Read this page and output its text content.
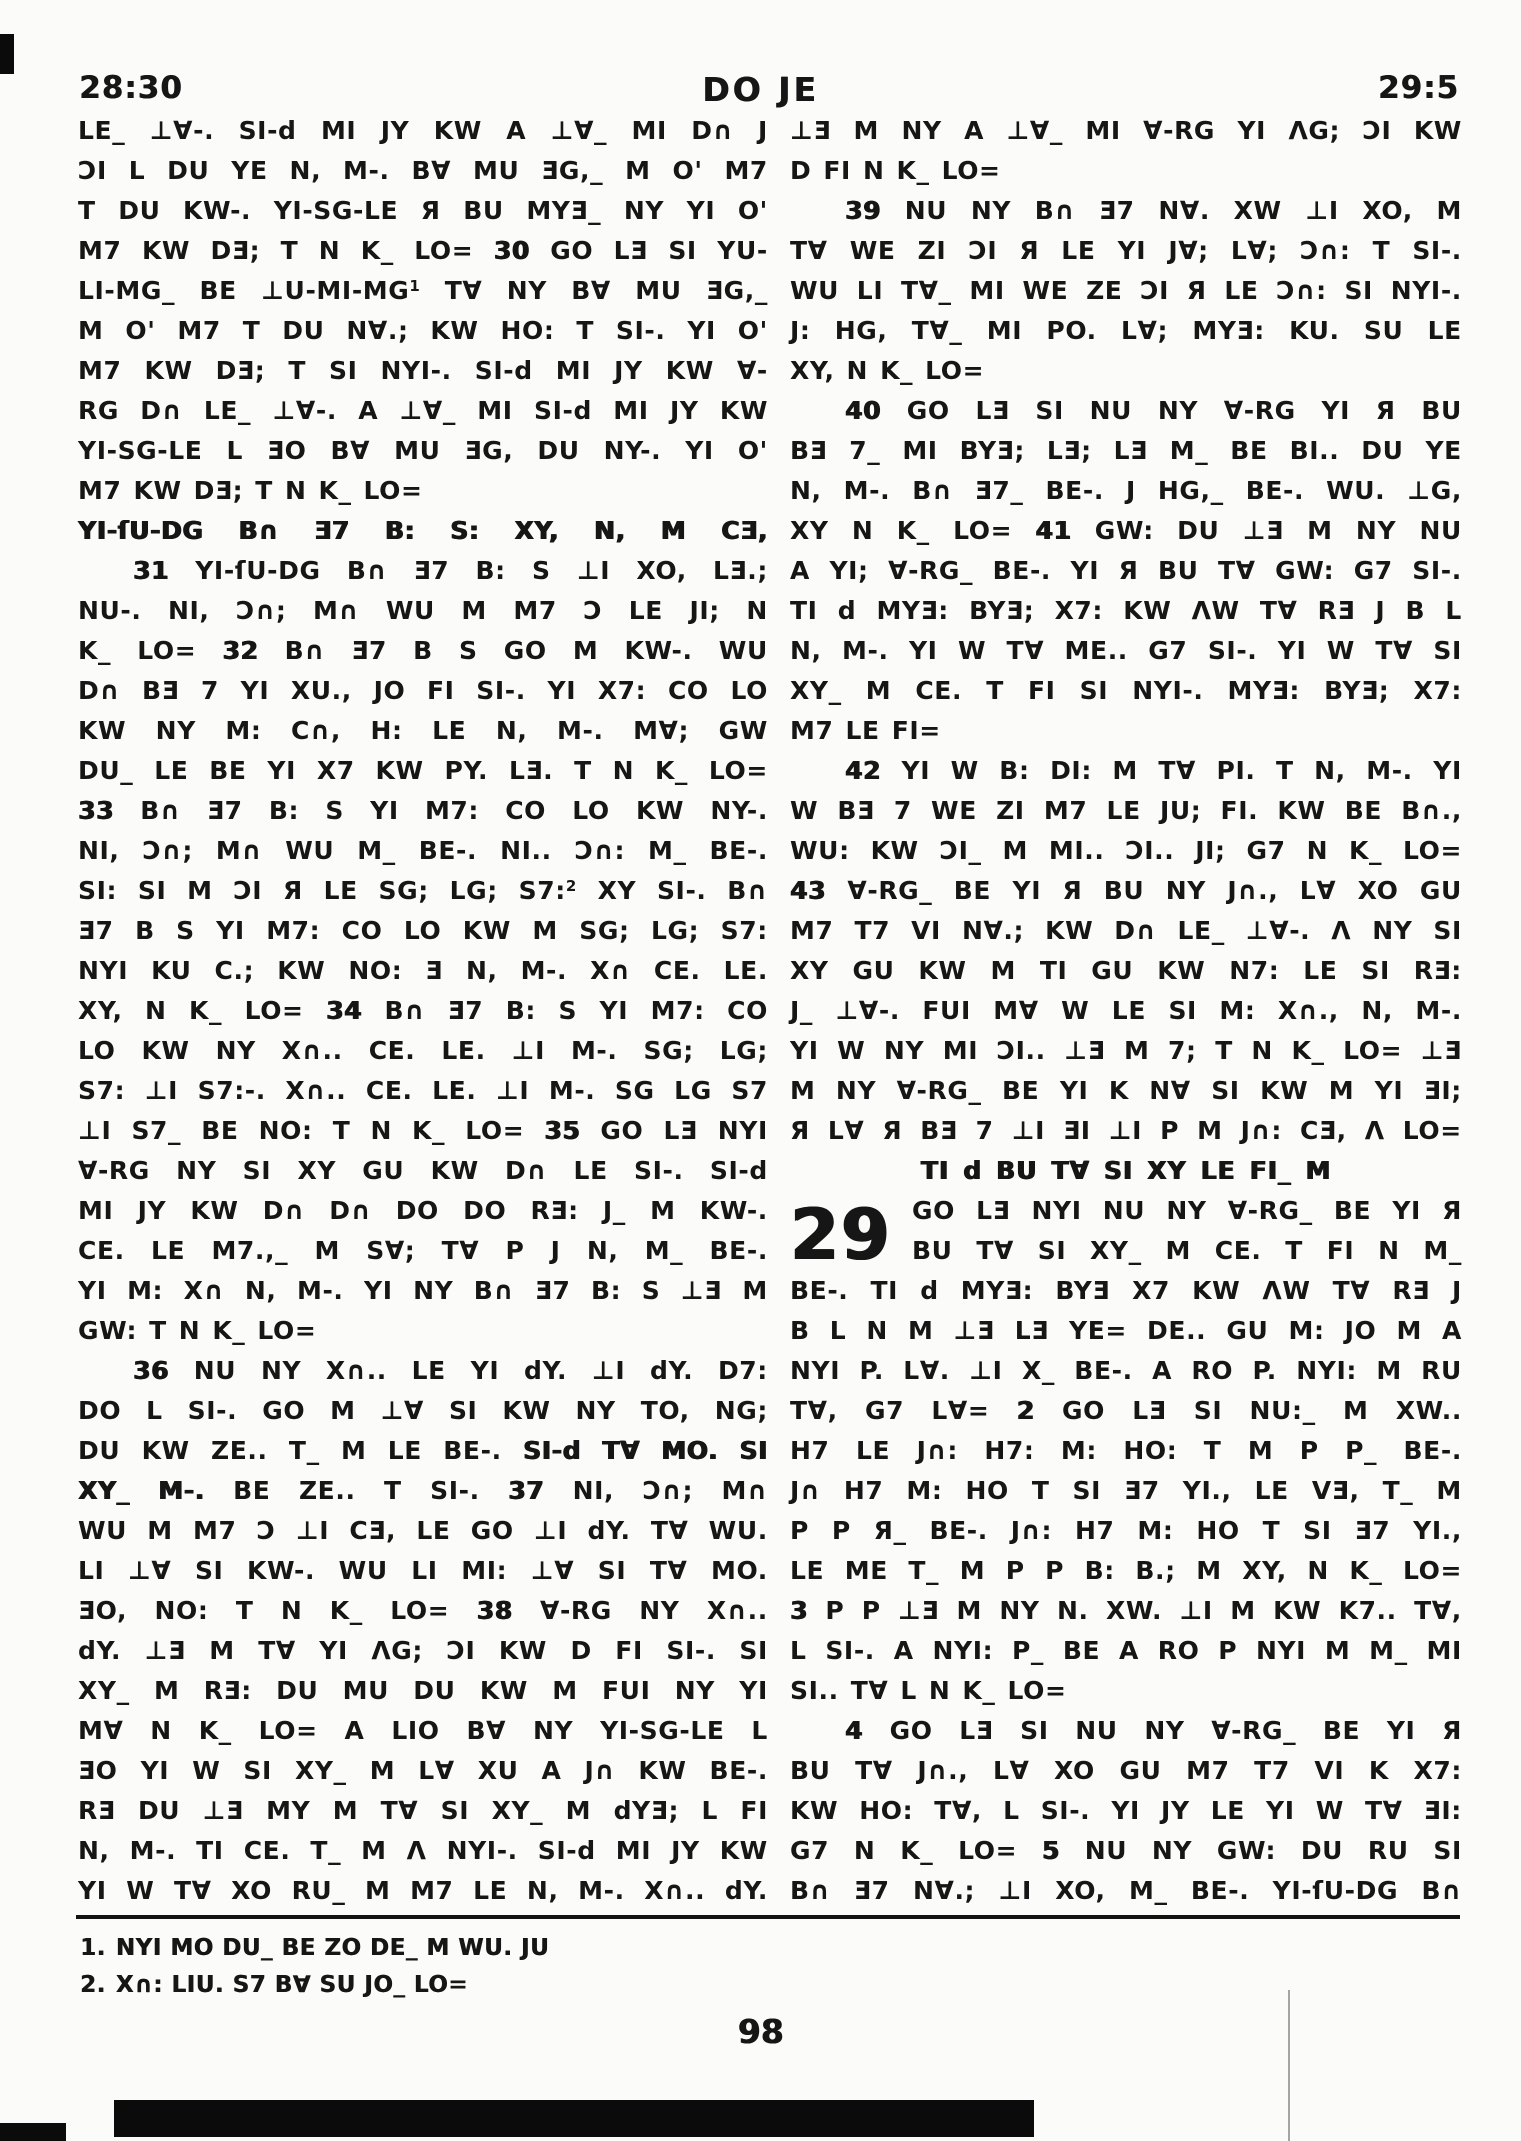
28:30	DO JE	29:5
LE_ ⊥∀-. SI-d MI JY KW A ⊥∀_ MI D∩ J
ƆI L DU YE N, M-. B∀ MU ƎG,_ M O' M7
T DU KW-. YI-SG-LE Я BU MYƎ_ NY YI O'
M7 KW DƎ; T N K_ LO= 30 GO LƎ SI YU-
LI-MG_ BE $\perp U-MI-MG^1$ T∀ NY B∀ MU ƎG,_
M O' M7 T DU N∀.; KW HO: T SI-. YI O'
M7 KW DƎ; T SI NYI-. SI-d MI JY KW ∀-
RG D∩ LE_ ⊥∀-. A ⊥∀_ MI SI-d MI JY KW
YI-SG-LE L ƎO B∀ MU ƎG, DU NY-. YI O'
M7 KW DƎ; T N K_ LO=
YI-ſU-DG B∩ Ǝ7 B: S: XY, N, M CƎ,
31 YI-ſU-DG B∩ Ǝ7 B: S ⊥I XO, LƎ.;
NU-. NI, Ɔ∩; M∩ WU M M7 Ɔ LE JI; N
K_ LO= 32 B∩ Ǝ7 B S GO M KW-. WU
D∩ BƎ 7 YI XU., JO FI SI-. YI X7: CO LO
KW NY M: C∩, H: LE N, M-. M∀; GW
DU_ LE BE YI X7 KW PY. LƎ. T N K_ LO=
33 B∩ Ǝ7 B: S YI M7: CO LO KW NY-.
NI, Ɔ∩; M∩ WU M_ BE-. NI.. Ɔ∩: M_ BE-.
SI: SI M ƆI Я LE SG; LG; S7:$^2$ XY SI-. B∩
Ǝ7 B S YI M7: CO LO KW M SG; LG; S7:
NYI KU C.; KW NO: Ǝ N, M-. X∩ CE. LE.
XY, N K_ LO= 34 B∩ Ǝ7 B: S YI M7: CO
LO KW NY X∩.. CE. LE. ⊥I M-. SG; LG;
S7: ⊥I S7:-. X∩.. CE. LE. ⊥I M-. SG LG S7
⊥I S7_ BE NO: T N K_ LO= 35 GO LƎ NYI
∀-RG NY SI XY GU KW D∩ LE SI-. SI-d
MI JY KW D∩ D∩ DO DO RƎ: J_ M KW-.
CE. LE M7.,_ M S∀; T∀ P J N, M_ BE-.
YI M: X∩ N, M-. YI NY B∩ Ǝ7 B: S ⊥Ǝ M
GW: T N K_ LO=
36 NU NY X∩.. LE YI dY. ⊥I dY. D7:
DO L SI-. GO M ⊥∀ SI KW NY TO, NG;
DU KW ZE.. T_ M LE BE-. SI-d T∀ MO. SI
XY_ M-. BE ZE.. T SI-. 37 NI, Ɔ∩; M∩
WU M M7 Ɔ ⊥I CƎ, LE GO ⊥I dY. T∀ WU.
LI ⊥∀ SI KW-. WU LI MI: ⊥∀ SI T∀ MO.
ƎO, NO: T N K_ LO= 38 ∀-RG NY X∩..
dY. ⊥Ǝ M T∀ YI ΛG; ƆI KW D FI SI-. SI
XY_ M RƎ: DU MU DU KW M FUI NY YI
M∀ N K_ LO= A LIO B∀ NY YI-SG-LE L
ƎO YI W SI XY_ M L∀ XU A J∩ KW BE-.
RƎ DU ⊥Ǝ MY M T∀ SI XY_ M dYƎ; L FI
N, M-. TI CE. T_ M Λ NYI-. SI-d MI JY KW
YI W T∀ XO RU_ M M7 LE N, M-. X∩.. dY.
29
⊥Ǝ M NY A ⊥∀_ MI ∀-RG YI ΛG; ƆI KW
D FI N K_ LO=
39 NU NY B∩ Ǝ7 N∀. XW ⊥I XO, M
T∀ WE ZI ƆI Я LE YI J∀; L∀; Ɔ∩: T SI-.
WU LI T∀_ MI WE ZE ƆI Я LE Ɔ∩: SI NYI-.
J: HG, T∀_ MI PO. L∀; MYƎ: KU. SU LE
XY, N K_ LO=
40 GO LƎ SI NU NY ∀-RG YI Я BU
BƎ 7_ MI BYƎ; LƎ; LƎ M_ BE BI.. DU YE
N, M-. B∩ Ǝ7_ BE-. J HG,_ BE-. WU. ⊥G,
XY N K_ LO= 41 GW: DU ⊥Ǝ M NY NU
A YI; ∀-RG_ BE-. YI Я BU T∀ GW: G7 SI-.
TI d MYƎ: BYƎ; X7: KW ΛW T∀ RƎ J B L
N, M-. YI W T∀ ME.. G7 SI-. YI W T∀ SI
XY_ M CE. T FI SI NYI-. MYƎ: BYƎ; X7:
M7 LE FI=
42 YI W B: DI: M T∀ PI. T N, M-. YI
W BƎ 7 WE ZI M7 LE JU; FI. KW BE B∩.,
WU: KW ƆI_ M MI.. ƆI.. JI; G7 N K_ LO=
43 ∀-RG_ BE YI Я BU NY J∩., L∀ XO GU
M7 T7 VI N∀.; KW D∩ LE_ ⊥∀-. Λ NY SI
XY GU KW M TI GU KW N7: LE SI RƎ:
J_ ⊥∀-. FUI M∀ W LE SI M: X∩., N, M-.
YI W NY MI ƆI.. ⊥Ǝ M 7; T N K_ LO= ⊥Ǝ
M NY ∀-RG_ BE YI K N∀ SI KW M YI ƎI;
Я L∀ Я BƎ 7 ⊥I ƎI ⊥I P M J∩: CƎ, Λ LO=
TI d BU T∀ SI XY LE FI_ M
GO LƎ NYI NU NY ∀-RG_ BE YI Я
BU T∀ SI XY_ M CE. T FI N M_
BE-. TI d MYƎ: BYƎ X7 KW ΛW T∀ RƎ J
B L N M ⊥Ǝ LƎ YE= DE.. GU M: JO M A
NYI P. L∀. ⊥I X_ BE-. A RO P. NYI: M RU
T∀, G7 L∀= 2 GO LƎ SI NU:_ M XW..
H7 LE J∩: H7: M: HO: T M P P_ BE-.
J∩ H7 M: HO T SI Ǝ7 YI., LE VƎ, T_ M
P P Я_ BE-. J∩: H7 M: HO T SI Ǝ7 YI.,
LE ME T_ M P P B: B.; M XY, N K_ LO=
3 P P ⊥Ǝ M NY N. XW. ⊥I M KW K7.. T∀,
L SI-. A NYI: P_ BE A RO P NYI M M_ MI
SI.. T∀ L N K_ LO=
4 GO LƎ SI NU NY ∀-RG_ BE YI Я
BU T∀ J∩., L∀ XO GU M7 T7 VI K X7:
KW HO: T∀, L SI-. YI JY LE YI W T∀ ƎI:
G7 N K_ LO= 5 NU NY GW: DU RU SI
B∩ Ǝ7 N∀.; ⊥I XO, M_ BE-. YI-ſU-DG B∩
1. NYI MO DU_ BE ZO DE_ M WU. JU
2. X∩: LIU. S7 B∀ SU JO_ LO=
98
